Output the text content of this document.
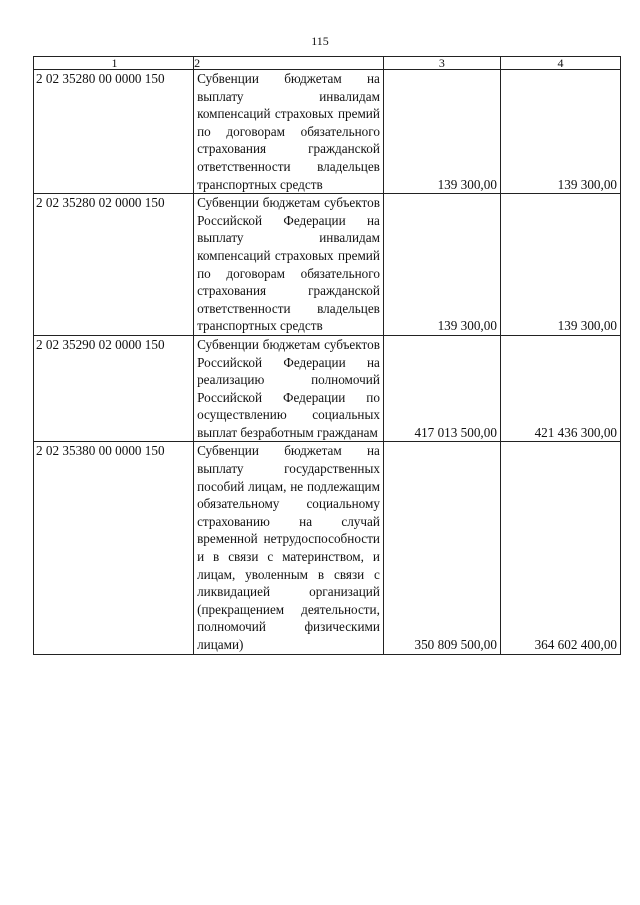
115
1	2	3	4
2 02 35280 00 0000 150	Субвенции бюджетам на выплату инвалидам компенсаций страховых премий по договорам обязательного страхования гражданской ответственности владельцев транспортных средств	139 300,00	139 300,00
2 02 35280 02 0000 150	Субвенции бюджетам субъектов Российской Федерации на выплату инвалидам компенсаций страховых премий по договорам обязательного страхования гражданской ответственности владельцев транспортных средств	139 300,00	139 300,00
2 02 35290 02 0000 150	Субвенции бюджетам субъектов Российской Федерации на реализацию полномочий Российской Федерации по осуществлению социальных выплат безработным гражданам	417 013 500,00	421 436 300,00
2 02 35380 00 0000 150	Субвенции бюджетам на выплату государственных пособий лицам, не подлежащим обязательному социальному страхованию на случай временной нетрудоспособности и в связи с материнством, и лицам, уволенным в связи с ликвидацией организаций (прекращением деятельности, полномочий физическими лицами)	350 809 500,00	364 602 400,00
